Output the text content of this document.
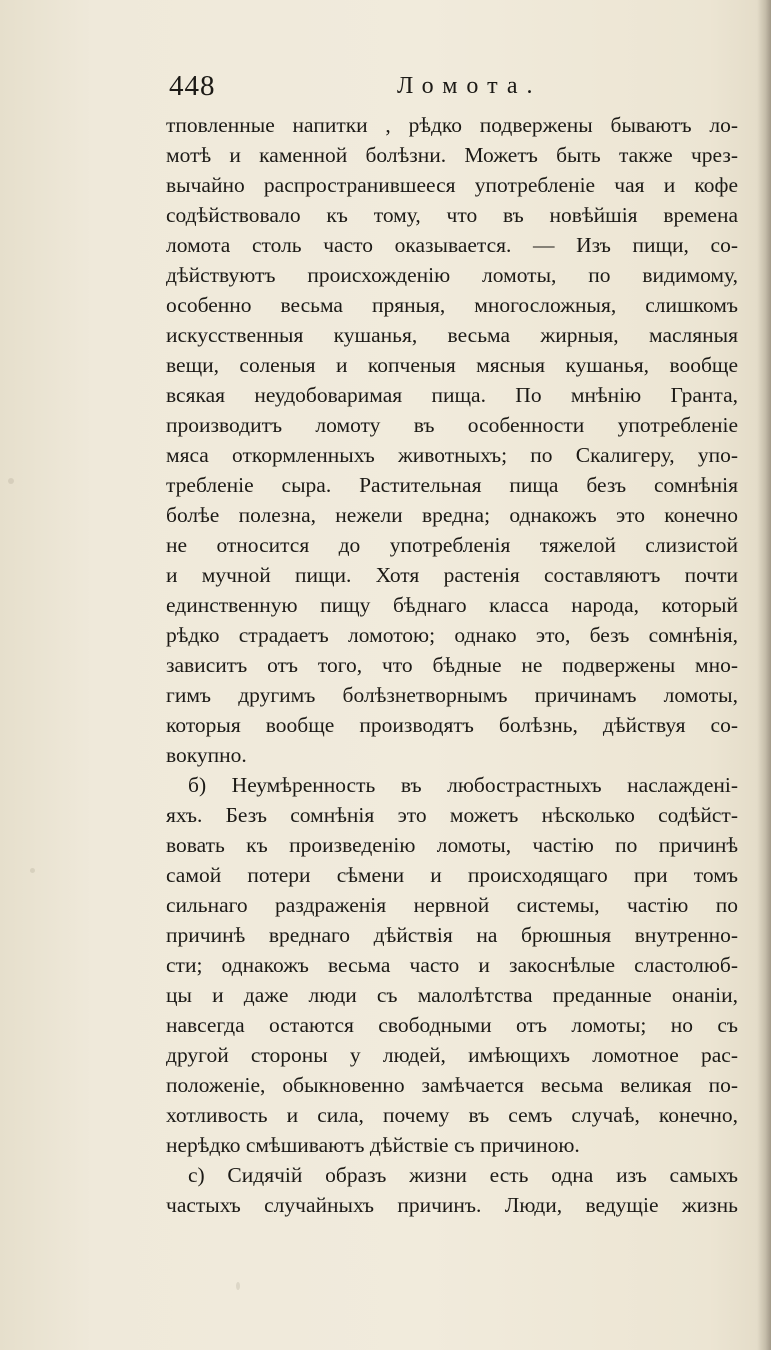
448	Ломота.
тповленные напитки , рѣдко подвержены бываютъ ло-
мотѣ и каменной болѣзни. Можетъ быть также чрез-
вычайно распространившееся употребленіе чая и кофе
содѣйствовало къ тому, что въ новѣйшія времена
ломота столь часто оказывается. — Изъ пищи, со-
дѣйствуютъ происхожденію ломоты, по видимому,
особенно весьма пряныя, многосложныя, слишкомъ
искусственныя кушанья, весьма жирныя, масляныя
вещи, соленыя и копченыя мясныя кушанья, вообще
всякая неудобоваримая пища. По мнѣнію Гранта,
производитъ ломоту въ особенности употребленіе
мяса откормленныхъ животныхъ; по Скалигеру, упо-
требленіе сыра. Растительная пища безъ сомнѣнія
болѣе полезна, нежели вредна; однакожъ это конечно
не относится до употребленія тяжелой слизистой
и мучной пищи. Хотя растенія составляютъ почти
единственную пищу бѣднаго класса народа, который
рѣдко страдаетъ ломотою; однако это, безъ сомнѣнія,
зависитъ отъ того, что бѣдные не подвержены мно-
гимъ другимъ болѣзнетворнымъ причинамъ ломоты,
которыя вообще производятъ болѣзнь, дѣйствуя со-
вокупно.
б) Неумѣренность въ любострастныхъ наслажденi-
яхъ. Безъ сомнѣнія это можетъ нѣсколько содѣйст-
вовать къ произведенію ломоты, частію по причинѣ
самой потери сѣмени и происходящаго при томъ
сильнаго раздраженія нервной системы, частію по
причинѣ вреднаго дѣйствія на брюшныя внутренно-
сти; однакожъ весьма часто и закоснѣлые сластолюб-
цы и даже люди съ малолѣтства преданные онаніи,
навсегда остаются свободными отъ ломоты; но съ
другой стороны у людей, имѣющихъ ломотное рас-
положеніе, обыкновенно замѣчается весьма великая по-
хотливость и сила, почему въ семъ случаѣ, конечно,
нерѣдко смѣшиваютъ дѣйствіе съ причиною.
с) Сидячій образъ жизни есть одна изъ самыхъ
частыхъ случайныхъ причинъ. Люди, ведущіе жизнь
